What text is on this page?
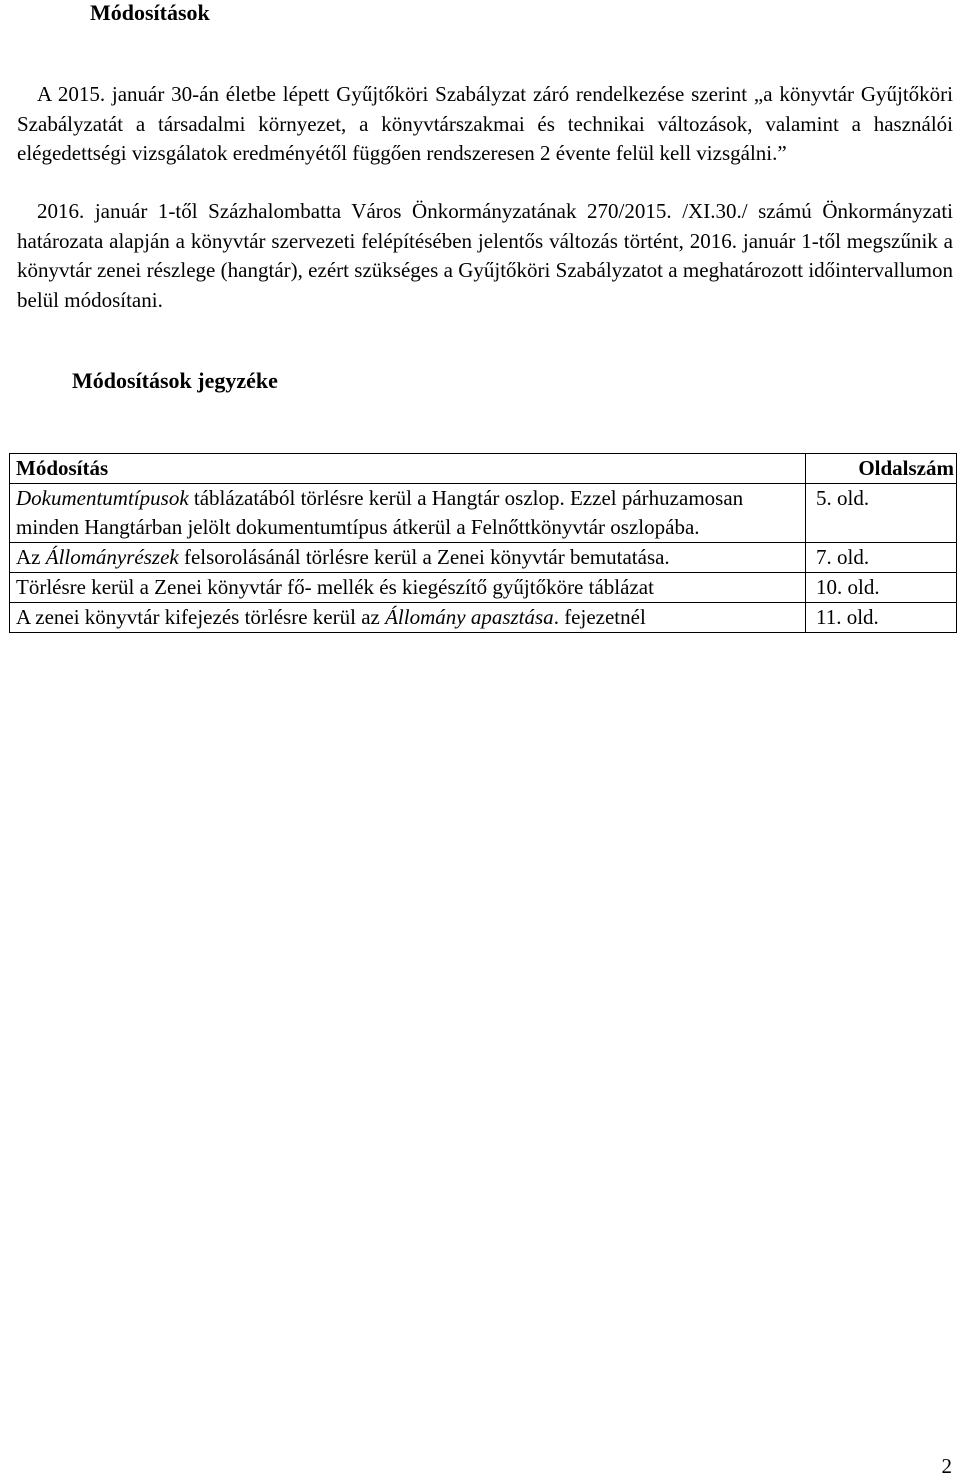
Módosítások

A 2015. január 30-án életbe lépett Gyűjtőköri Szabályzat záró rendelkezése szerint „a könyvtár Gyűjtőköri Szabályzatát a társadalmi környezet, a könyvtárszakmai és technikai változások, valamint a használói elégedettségi vizsgálatok eredményétől függően rendszeresen 2 évente felül kell vizsgálni.”

2016. január 1-től Százhalombatta Város Önkormányzatának 270/2015. /XI.30./ számú Önkormányzati határozata alapján a könyvtár szervezeti felépítésében jelentős változás történt, 2016. január 1-től megszűnik a könyvtár zenei részlege (hangtár), ezért szükséges a Gyűjtőköri Szabályzatot a meghatározott időintervallumon belül módosítani.

Módosítások jegyzéke
Módosítás	Oldalszám
Dokumentumtípusok táblázatából törlésre kerül a Hangtár oszlop. Ezzel párhuzamosan minden Hangtárban jelölt dokumentumtípus átkerül a Felnőttkönyvtár oszlopába.	5. old.
Az Állományrészek felsorolásánál törlésre kerül a Zenei könyvtár bemutatása.	7. old.
Törlésre kerül a Zenei könyvtár fő- mellék és kiegészítő gyűjtőköre táblázat	10. old.
A zenei könyvtár kifejezés törlésre kerül az Állomány apasztása. fejezetnél	11. old.

2
